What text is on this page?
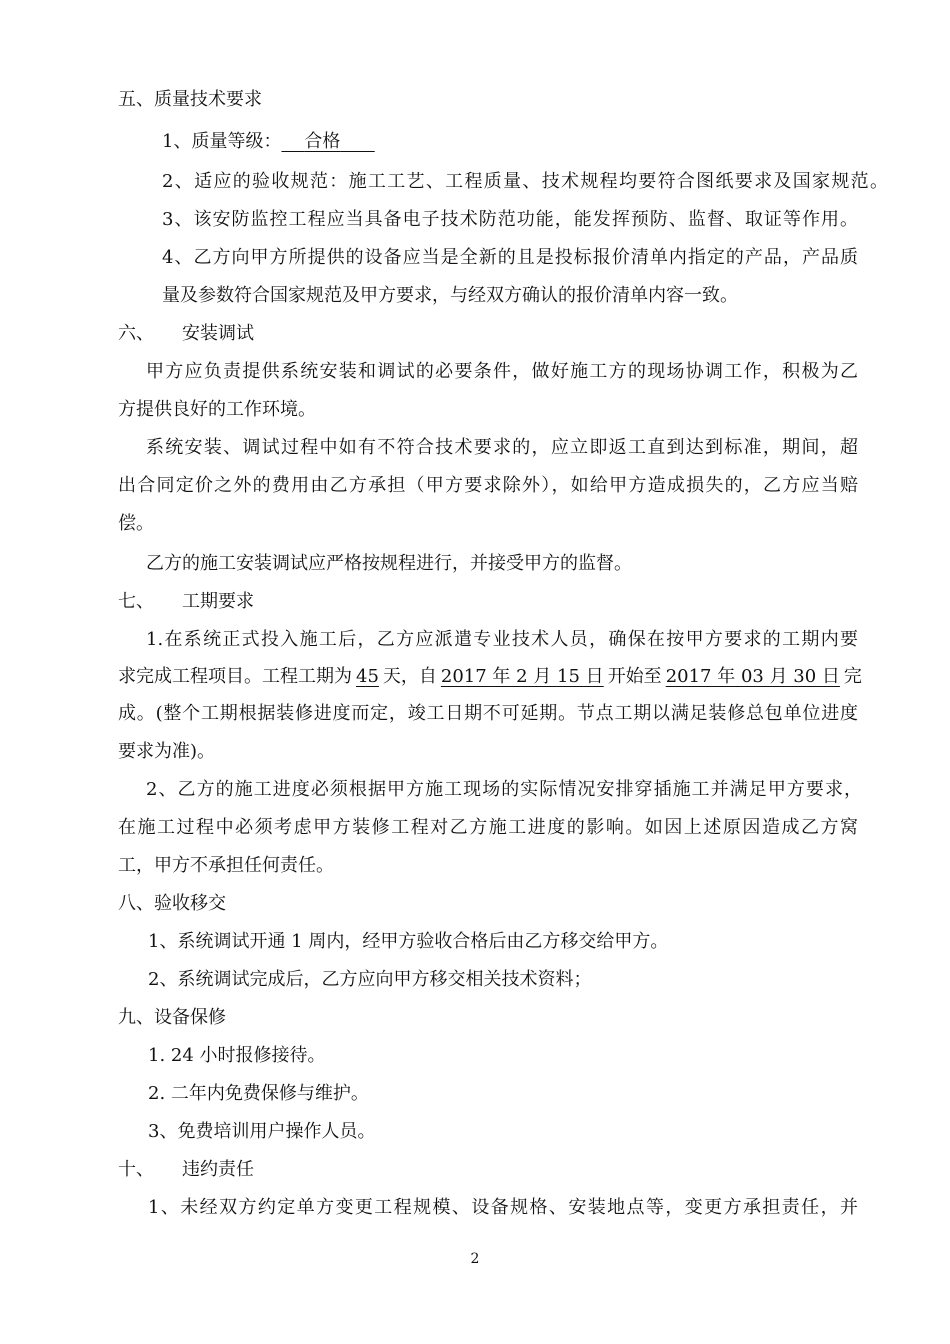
五、质量技术要求
1、质量等级： 合格
2、适应的验收规范：施工工艺、工程质量、技术规程均要符合图纸要求及国家规范。
3、该安防监控工程应当具备电子技术防范功能，能发挥预防、监督、取证等作用。
4、乙方向甲方所提供的设备应当是全新的且是投标报价清单内指定的产品，产品质
量及参数符合国家规范及甲方要求，与经双方确认的报价清单内容一致。
六、 安装调试
甲方应负责提供系统安装和调试的必要条件，做好施工方的现场协调工作，积极为乙
方提供良好的工作环境。
系统安装、调试过程中如有不符合技术要求的，应立即返工直到达到标准，期间，超
出合同定价之外的费用由乙方承担（甲方要求除外），如给甲方造成损失的，乙方应当赔
偿。
乙方的施工安装调试应严格按规程进行，并接受甲方的监督。
七、 工期要求
1.在系统正式投入施工后，乙方应派遣专业技术人员，确保在按甲方要求的工期内要
求完成工程项目。工程工期为 45 天，自 2017 年 2 月 15 日 开始至 2017 年 03 月 30 日 完
成。(整个工期根据装修进度而定，竣工日期不可延期。节点工期以满足装修总包单位进度
要求为准)。
2、乙方的施工进度必须根据甲方施工现场的实际情况安排穿插施工并满足甲方要求，
在施工过程中必须考虑甲方装修工程对乙方施工进度的影响。如因上述原因造成乙方窝
工，甲方不承担任何责任。
八、验收移交
1、系统调试开通 1 周内，经甲方验收合格后由乙方移交给甲方。
2、系统调试完成后，乙方应向甲方移交相关技术资料；
九、设备保修
1. 24 小时报修接待。
2. 二年内免费保修与维护。
3、免费培训用户操作人员。
十、 违约责任
1、未经双方约定单方变更工程规模、设备规格、安装地点等，变更方承担责任，并
2
